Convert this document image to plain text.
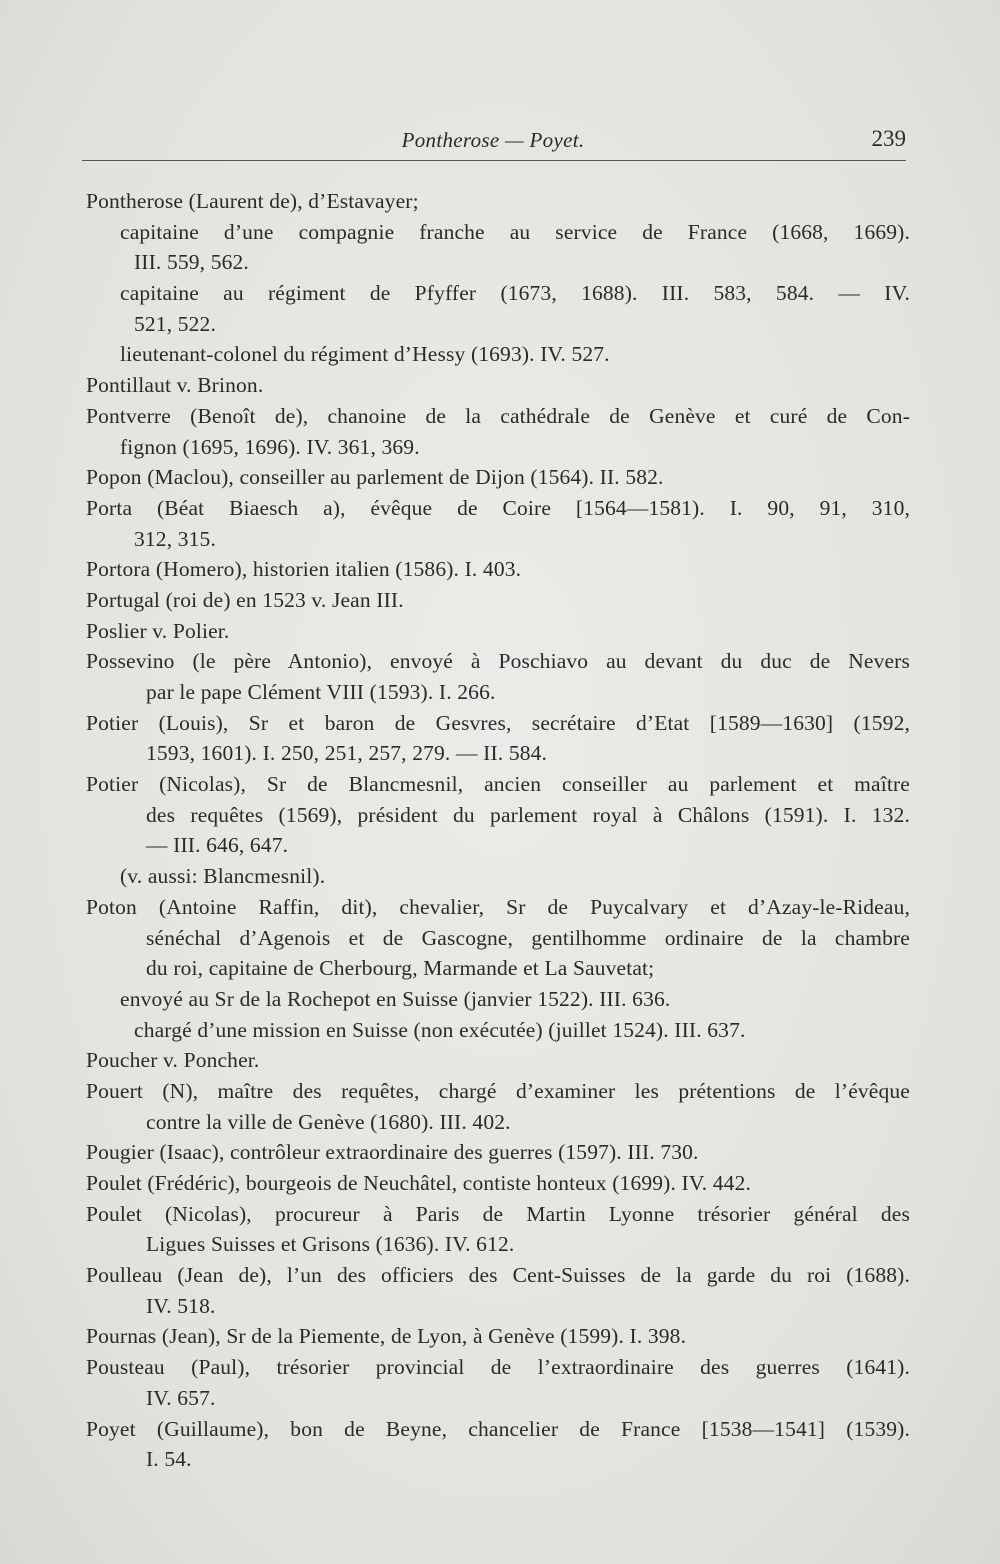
Pontherose — Poyet.	239
Pontherose (Laurent de), d’Estavayer;
capitaine d’une compagnie franche au service de France (1668, 1669).
III. 559, 562.
capitaine au régiment de Pfyffer (1673, 1688). III. 583, 584. — IV.
521, 522.
lieutenant-colonel du régiment d’Hessy (1693). IV. 527.
Pontillaut v. Brinon.
Pontverre (Benoît de), chanoine de la cathédrale de Genève et curé de Con-
fignon (1695, 1696). IV. 361, 369.
Popon (Maclou), conseiller au parlement de Dijon (1564). II. 582.
Porta (Béat Biaesch a), évêque de Coire [1564—1581). I. 90, 91, 310,
312, 315.
Portora (Homero), historien italien (1586). I. 403.
Portugal (roi de) en 1523 v. Jean III.
Poslier v. Polier.
Possevino (le père Antonio), envoyé à Poschiavo au devant du duc de Nevers
par le pape Clément VIII (1593). I. 266.
Potier (Louis), Sr et baron de Gesvres, secrétaire d’Etat [1589—1630] (1592,
1593, 1601). I. 250, 251, 257, 279. — II. 584.
Potier (Nicolas), Sr de Blancmesnil, ancien conseiller au parlement et maître
des requêtes (1569), président du parlement royal à Châlons (1591). I. 132.
— III. 646, 647.
(v. aussi: Blancmesnil).
Poton (Antoine Raffin, dit), chevalier, Sr de Puycalvary et d’Azay-le-Rideau,
sénéchal d’Agenois et de Gascogne, gentilhomme ordinaire de la chambre
du roi, capitaine de Cherbourg, Marmande et La Sauvetat;
envoyé au Sr de la Rochepot en Suisse (janvier 1522). III. 636.
chargé d’une mission en Suisse (non exécutée) (juillet 1524). III. 637.
Poucher v. Poncher.
Pouert (N), maître des requêtes, chargé d’examiner les prétentions de l’évêque
contre la ville de Genève (1680). III. 402.
Pougier (Isaac), contrôleur extraordinaire des guerres (1597). III. 730.
Poulet (Frédéric), bourgeois de Neuchâtel, contiste honteux (1699). IV. 442.
Poulet (Nicolas), procureur à Paris de Martin Lyonne trésorier général des
Ligues Suisses et Grisons (1636). IV. 612.
Poulleau (Jean de), l’un des officiers des Cent-Suisses de la garde du roi (1688).
IV. 518.
Pournas (Jean), Sr de la Piemente, de Lyon, à Genève (1599). I. 398.
Pousteau (Paul), trésorier provincial de l’extraordinaire des guerres (1641).
IV. 657.
Poyet (Guillaume), bon de Beyne, chancelier de France [1538—1541] (1539).
I. 54.
